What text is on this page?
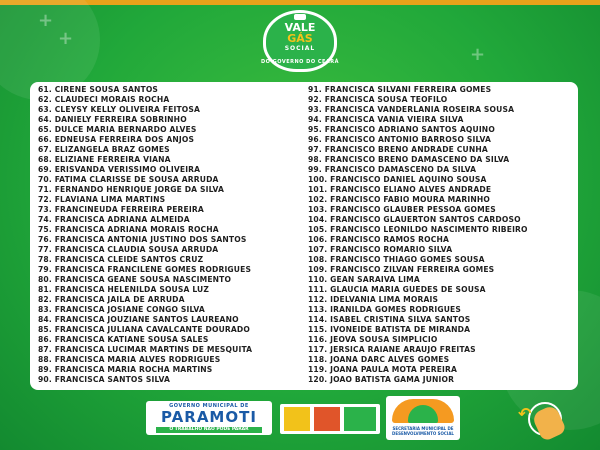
+
+
+
VALE
GÁS
SOCIAL
DO GOVERNO DO CEARÁ
61. CIRENE SOUSA SANTOS
62. CLAUDECI MORAIS ROCHA
63. CLEYSY KELLY OLIVEIRA FEITOSA
64. DANIELY FERREIRA SOBRINHO
65. DULCE MARIA BERNARDO ALVES
66. EDNEUSA FERREIRA DOS ANJOS
67. ELIZANGELA BRAZ GOMES
68. ELIZIANE FERREIRA VIANA
69. ERISVANDA VERISSIMO OLIVEIRA
70. FATIMA CLARISSE DE SOUSA ARRUDA
71. FERNANDO HENRIQUE JORGE DA SILVA
72. FLAVIANA LIMA MARTINS
73. FRANCINEUDA FERREIRA PEREIRA
74. FRANCISCA ADRIANA ALMEIDA
75. FRANCISCA ADRIANA MORAIS ROCHA
76. FRANCISCA ANTONIA JUSTINO DOS SANTOS
77. FRANCISCA CLAUDIA SOUSA ARRUDA
78. FRANCISCA CLEIDE SANTOS CRUZ
79. FRANCISCA FRANCILENE GOMES RODRIGUES
80. FRANCISCA GEANE SOUSA NASCIMENTO
81. FRANCISCA HELENILDA SOUSA LUZ
82. FRANCISCA JAILA DE ARRUDA
83. FRANCISCA JOSIANE CONGO SILVA
84. FRANCISCA JOUZIANE SANTOS LAUREANO
85. FRANCISCA JULIANA CAVALCANTE DOURADO
86. FRANCISCA KATIANE SOUSA SALES
87. FRANCISCA LUCIMAR MARTINS DE MESQUITA
88. FRANCISCA MARIA ALVES RODRIGUES
89. FRANCISCA MARIA ROCHA MARTINS
90. FRANCISCA SANTOS SILVA
91. FRANCISCA SILVANI FERREIRA GOMES
92. FRANCISCA SOUSA TEOFILO
93. FRANCISCA VANDERLANIA ROSEIRA SOUSA
94. FRANCISCA VANIA VIEIRA SILVA
95. FRANCISCO ADRIANO SANTOS AQUINO
96. FRANCISCO ANTONIO BARROSO SILVA
97. FRANCISCO BRENO ANDRADE CUNHA
98. FRANCISCO BRENO DAMASCENO DA SILVA
99. FRANCISCO DAMASCENO DA SILVA
100. FRANCISCO DANIEL AQUINO SOUSA
101. FRANCISCO ELIANO ALVES ANDRADE
102. FRANCISCO FABIO MOURA MARINHO
103. FRANCISCO GLAUBER PESSOA GOMES
104. FRANCISCO GLAUERTON SANTOS CARDOSO
105. FRANCISCO LEONILDO NASCIMENTO RIBEIRO
106. FRANCISCO RAMOS ROCHA
107. FRANCISCO ROMARIO SILVA
108. FRANCISCO THIAGO GOMES SOUSA
109. FRANCISCO ZILVAN FERREIRA GOMES
110. GEAN SARAIVA LIMA
111. GLAUCIA MARIA GUEDES DE SOUSA
112. IDELVANIA LIMA MORAIS
113. IRANILDA GOMES RODRIGUES
114. ISABEL CRISTINA SILVA SANTOS
115. IVONEIDE BATISTA DE MIRANDA
116. JEOVA SOUSA SIMPLICIO
117. JERSICA RAIANE ARAUJO FREITAS
118. JOANA DARC ALVES GOMES
119. JOANA PAULA MOTA PEREIRA
120. JOAO BATISTA GAMA JUNIOR
GOVERNO MUNICIPAL DE
PARAMOTI
O TRABALHO NÃO PODE PARAR	SECRETARIA MUNICIPAL DE DESENVOLVIMENTO SOCIAL
↶
